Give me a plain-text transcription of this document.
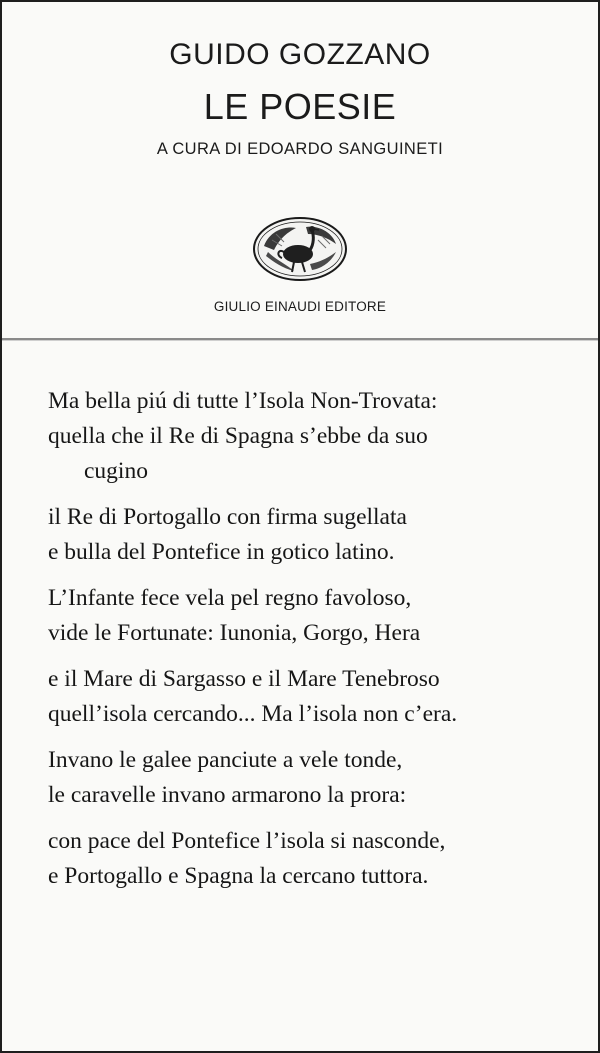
GUIDO GOZZANO
LE POESIE
A CURA DI EDOARDO SANGUINETI
GIULIO EINAUDI EDITORE
Ma bella piú di tutte l’Isola Non-Trovata:
quella che il Re di Spagna s’ebbe da suo
cugino
il Re di Portogallo con firma sugellata
e bulla del Pontefice in gotico latino.
L’Infante fece vela pel regno favoloso,
vide le Fortunate: Iunonia, Gorgo, Hera
e il Mare di Sargasso e il Mare Tenebroso
quell’isola cercando... Ma l’isola non c’era.
Invano le galee panciute a vele tonde,
le caravelle invano armarono la prora:
con pace del Pontefice l’isola si nasconde,
e Portogallo e Spagna la cercano tuttora.
